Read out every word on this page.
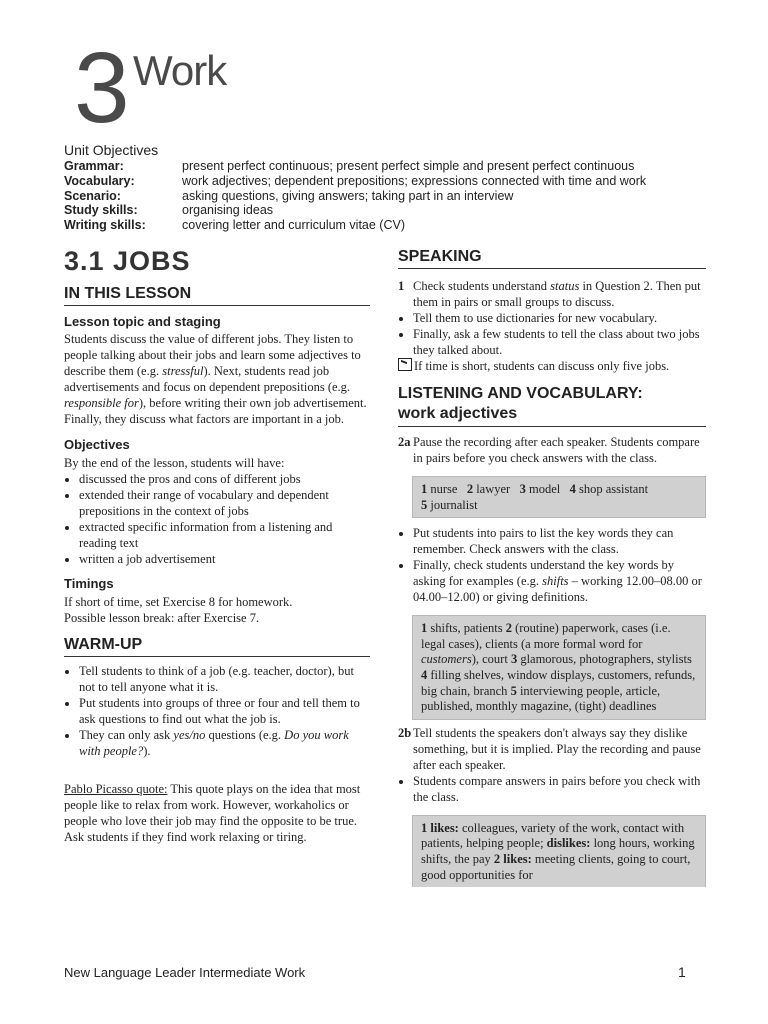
3 Work
Unit Objectives
Grammar:	present perfect continuous; present perfect simple and present perfect continuous
Vocabulary:	work adjectives; dependent prepositions; expressions connected with time and work
Scenario:	asking questions, giving answers; taking part in an interview
Study skills:	organising ideas
Writing skills:	covering letter and curriculum vitae (CV)
3.1 JOBS
IN THIS LESSON
Lesson topic and staging

Students discuss the value of different jobs. They listen to people talking about their jobs and learn some adjectives to describe them (e.g. stressful). Next, students read job advertisements and focus on dependent prepositions (e.g. responsible for), before writing their own job advertisement. Finally, they discuss what factors are important in a job.

Objectives

By the end of the lesson, students will have:

• discussed the pros and cons of different jobs
• extended their range of vocabulary and dependent prepositions in the context of jobs
• extracted specific information from a listening and reading text
• written a job advertisement
Timings

If short of time, set Exercise 8 for homework.

Possible lesson break: after Exercise 7.

WARM-UP
• Tell students to think of a job (e.g. teacher, doctor), but not to tell anyone what it is.
• Put students into groups of three or four and tell them to ask questions to find out what the job is.
• They can only ask yes/no questions (e.g. Do you work with people?).

Pablo Picasso quote: This quote plays on the idea that most people like to relax from work. However, workaholics or people who love their job may find the opposite to be true. Ask students if they find work relaxing or tiring.

SPEAKING
1 Check students understand status in Question 2. Then put them in pairs or small groups to discuss.
• Tell them to use dictionaries for new vocabulary.
• Finally, ask a few students to tell the class about two jobs they talked about.

If time is short, students can discuss only five jobs.

LISTENING AND VOCABULARY:
work adjectives
2a Pause the recording after each speaker. Students compare in pairs before you check answers with the class.
1 nurse 2 lawyer 3 model 4 shop assistant
5 journalist
• Put students into pairs to list the key words they can remember. Check answers with the class.
• Finally, check students understand the key words by asking for examples (e.g. shifts – working 12.00–08.00 or 04.00–12.00) or giving definitions.
1 shifts, patients 2 (routine) paperwork, cases (i.e. legal cases), clients (a more formal word for customers), court 3 glamorous, photographers, stylists 4 filling shelves, window displays, customers, refunds, big chain, branch 5 interviewing people, article, published, monthly magazine, (tight) deadlines
2b Tell students the speakers don't always say they dislike something, but it is implied. Play the recording and pause after each speaker.
• Students compare answers in pairs before you check with the class.
1 likes: colleagues, variety of the work, contact with patients, helping people; dislikes: long hours, working shifts, the pay 2 likes: meeting clients, going to court, good opportunities for
New Language Leader Intermediate Work	1
